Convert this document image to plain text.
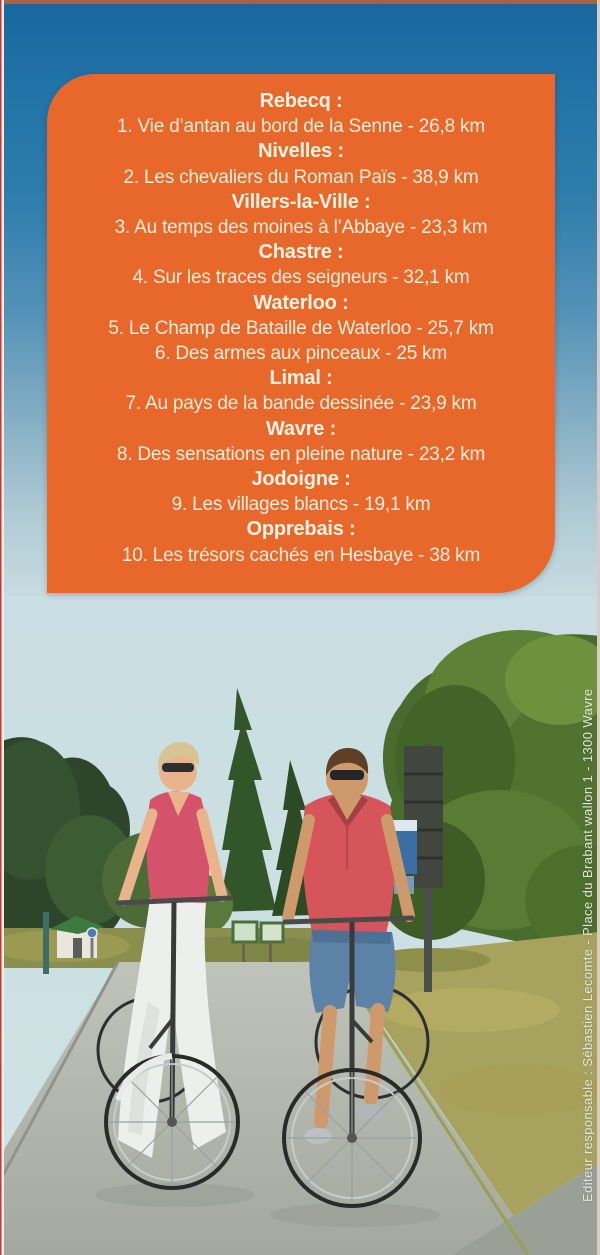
Rebecq :
1. Vie d’antan au bord de la Senne - 26,8 km
Nivelles :
2. Les chevaliers du Roman Païs - 38,9 km
Villers-la-Ville :
3. Au temps des moines à l’Abbaye - 23,3 km
Chastre :
4. Sur les traces des seigneurs - 32,1 km
Waterloo :
5. Le Champ de Bataille de Waterloo - 25,7 km
6. Des armes aux pinceaux - 25 km
Limal :
7. Au pays de la bande dessinée - 23,9 km
Wavre :
8. Des sensations en pleine nature - 23,2 km
Jodoigne :
9. Les villages blancs - 19,1 km
Opprebais :
10. Les trésors cachés en Hesbaye - 38 km
Editeur responsable : Sébastien Lecomte - Place du Brabant wallon 1 - 1300 Wavre
